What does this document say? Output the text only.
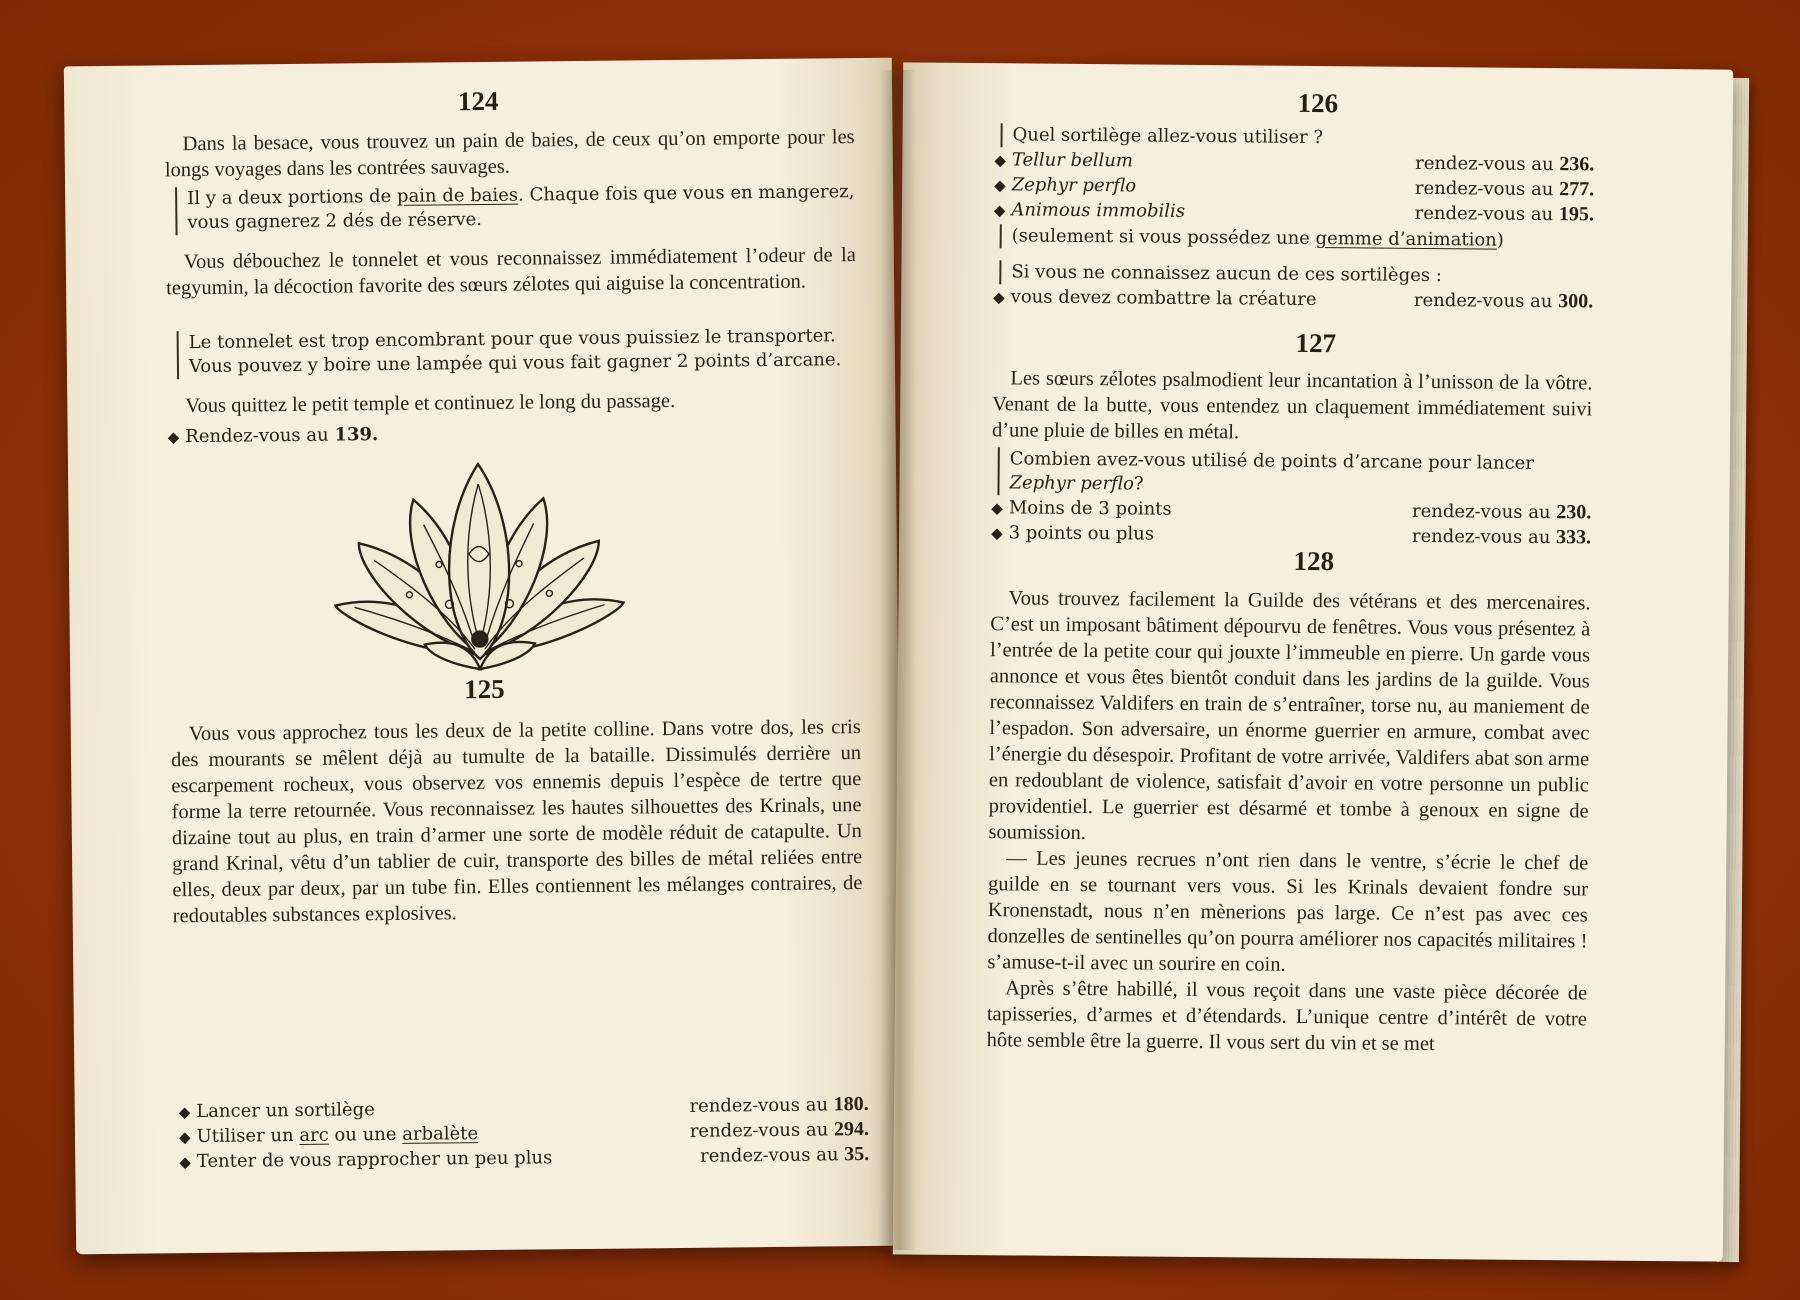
124

Dans la besace, vous trouvez un pain de baies, de ceux qu’on emporte pour les longs voyages dans les contrées sauvages.

Il y a deux portions de pain de baies. Chaque fois que vous en mangerez, vous gagnerez 2 dés de réserve.

Vous débouchez le tonnelet et vous reconnaissez immédiatement l’odeur de la tegyumin, la décoction favorite des sœurs zélotes qui aiguise la concentration.

Le tonnelet est trop encombrant pour que vous puissiez le transporter. Vous pouvez y boire une lampée qui vous fait gagner 2 points d’arcane.

Vous quittez le petit temple et continuez le long du passage.

◆ Rendez-vous au 139.
125

Vous vous approchez tous les deux de la petite colline. Dans votre dos, les cris des mourants se mêlent déjà au tumulte de la bataille. Dissimulés derrière un escarpement rocheux, vous observez vos ennemis depuis l’espèce de tertre que forme la terre retournée. Vous reconnaissez les hautes silhouettes des Krinals, une dizaine tout au plus, en train d’armer une sorte de modèle réduit de catapulte. Un grand Krinal, vêtu d’un tablier de cuir, transporte des billes de métal reliées entre elles, deux par deux, par un tube fin. Elles contiennent les mélanges contraires, de redoutables substances explosives.

◆ Lancer un sortilège	rendez-vous au 180.
◆ Utiliser un arc ou une arbalète	rendez-vous au 294.
◆ Tenter de vous rapprocher un peu plus	rendez-vous au 35.
126
Quel sortilège allez-vous utiliser ?
◆ Tellur bellum	rendez-vous au 236.
◆ Zephyr perflo	rendez-vous au 277.
◆ Animous immobilis	rendez-vous au 195.
(seulement si vous possédez une gemme d’animation)
Si vous ne connaissez aucun de ces sortilèges :
◆ vous devez combattre la créature	rendez-vous au 300.
127

Les sœurs zélotes psalmodient leur incantation à l’unisson de la vôtre. Venant de la butte, vous entendez un claquement immédiatement suivi d’une pluie de billes en métal.

Combien avez-vous utilisé de points d’arcane pour lancer Zephyr perflo?
◆ Moins de 3 points	rendez-vous au 230.
◆ 3 points ou plus	rendez-vous au 333.
128

Vous trouvez facilement la Guilde des vétérans et des mercenaires. C’est un imposant bâtiment dépourvu de fenêtres. Vous vous présentez à l’entrée de la petite cour qui jouxte l’immeuble en pierre. Un garde vous annonce et vous êtes bientôt conduit dans les jardins de la guilde. Vous reconnaissez Valdifers en train de s’entraîner, torse nu, au maniement de l’espadon. Son adversaire, un énorme guerrier en armure, combat avec l’énergie du désespoir. Profitant de votre arrivée, Valdifers abat son arme en redoublant de violence, satisfait d’avoir en votre personne un public providentiel. Le guerrier est désarmé et tombe à genoux en signe de soumission.

— Les jeunes recrues n’ont rien dans le ventre, s’écrie le chef de guilde en se tournant vers vous. Si les Krinals devaient fondre sur Kronenstadt, nous n’en mènerions pas large. Ce n’est pas avec ces donzelles de sentinelles qu’on pourra améliorer nos capacités militaires ! s’amuse-t-il avec un sourire en coin.

Après s’être habillé, il vous reçoit dans une vaste pièce décorée de tapisseries, d’armes et d’étendards. L’unique centre d’intérêt de votre hôte semble être la guerre. Il vous sert du vin et se met
